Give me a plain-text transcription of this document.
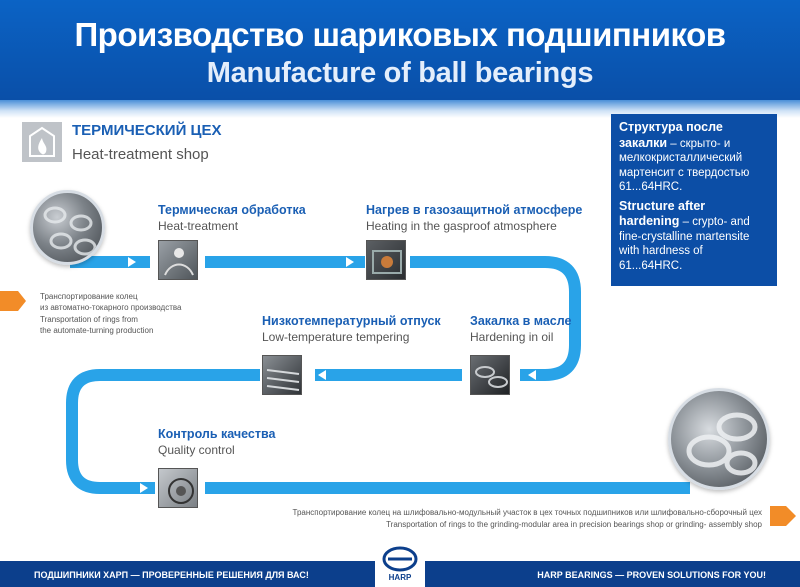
Производство шариковых подшипников
Manufacture of ball bearings
ТЕРМИЧЕСКИЙ ЦЕХ
Heat-treatment shop

Структура после закалки – скрыто- и мелкокристаллический мартенсит с твердостью 61...64HRC.

Structure after hardening – crypto- and fine-crystalline martensite with hardness of 61...64HRC.

Термическая обработка
Heat-treatment
Нагрев в газозащитной атмосфере
Heating in the gasproof atmosphere
Низкотемпературный отпуск
Low-temperature tempering
Закалка в масле
Hardening in oil
Контроль качества
Quality control
Транспортирование колец
из автоматно-токарного производства
Transportation of rings from
the automate-turning production
Транспортирование колец на шлифовально-модульный участок в цех точных подшипников или шлифовально-сборочный цех
Transportation of rings to the grinding-modular area in precision bearings shop or grinding- assembly shop
ПОДШИПНИКИ ХАРП — ПРОВЕРЕННЫЕ РЕШЕНИЯ ДЛЯ ВАС!	HARP BEARINGS — PROVEN SOLUTIONS FOR YOU!
HARP
